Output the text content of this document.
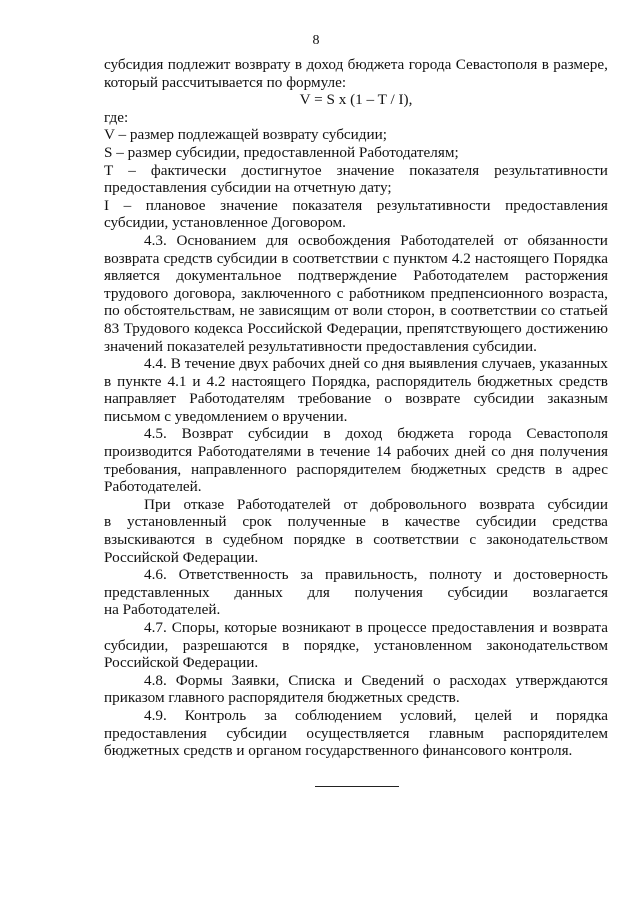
8
субсидия подлежит возврату в доход бюджета города Севастополя в размере,
который рассчитывается по формуле:
V = S x (1 – T / I),
где:
V – размер подлежащей возврату субсидии;
S – размер субсидии, предоставленной Работодателям;
T – фактически достигнутое значение показателя результативности
предоставления субсидии на отчетную дату;
I – плановое значение показателя результативности предоставления
субсидии, установленное Договором.
4.3. Основанием для освобождения Работодателей от обязанности
возврата средств субсидии в соответствии с пунктом 4.2 настоящего Порядка
является документальное подтверждение Работодателем расторжения
трудового договора, заключенного с работником предпенсионного возраста,
по обстоятельствам, не зависящим от воли сторон, в соответствии со статьей
83 Трудового кодекса Российской Федерации, препятствующего достижению
значений показателей результативности предоставления субсидии.
4.4. В течение двух рабочих дней со дня выявления случаев, указанных
в пункте 4.1 и 4.2 настоящего Порядка, распорядитель бюджетных средств
направляет Работодателям требование о возврате субсидии заказным
письмом с уведомлением о вручении.
4.5. Возврат субсидии в доход бюджета города Севастополя
производится Работодателями в течение 14 рабочих дней со дня получения
требования, направленного распорядителем бюджетных средств в адрес
Работодателей.
При отказе Работодателей от добровольного возврата субсидии
в установленный срок полученные в качестве субсидии средства
взыскиваются в судебном порядке в соответствии с законодательством
Российской Федерации.
4.6. Ответственность за правильность, полноту и достоверность
представленных данных для получения субсидии возлагается
на Работодателей.
4.7. Споры, которые возникают в процессе предоставления и возврата
субсидии, разрешаются в порядке, установленном законодательством
Российской Федерации.
4.8. Формы Заявки, Списка и Сведений о расходах утверждаются
приказом главного распорядителя бюджетных средств.
4.9. Контроль за соблюдением условий, целей и порядка
предоставления субсидии осуществляется главным распорядителем
бюджетных средств и органом государственного финансового контроля.
